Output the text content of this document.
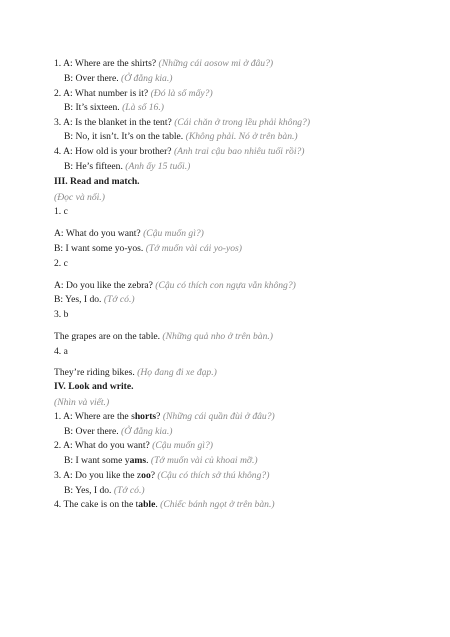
1. A: Where are the shirts? (Những cái aosow mi ở đâu?)
B: Over there. (Ở đằng kia.)
2. A: What number is it? (Đó là số mấy?)
B: It’s sixteen. (Là số 16.)
3. A: Is the blanket in the tent? (Cái chăn ở trong lều phải không?)
B: No, it isn’t. It’s on the table. (Không phải. Nó ở trên bàn.)
4. A: How old is your brother? (Anh trai cậu bao nhiêu tuổi rồi?)
B: He’s fifteen. (Anh ấy 15 tuổi.)
III. Read and match.
(Đọc và nối.)
1. c
A: What do you want? (Cậu muốn gì?)
B: I want some yo-yos. (Tớ muốn vài cái yo-yos)
2. c
A: Do you like the zebra? (Cậu có thích con ngựa vằn không?)
B: Yes, I do. (Tớ có.)
3. b
The grapes are on the table. (Những quả nho ở trên bàn.)
4. a
They’re riding bikes. (Họ đang đi xe đạp.)
IV. Look and write.
(Nhìn và viết.)
1. A: Where are the shorts? (Những cái quần đùi ở đâu?)
B: Over there. (Ở đằng kia.)
2. A: What do you want? (Cậu muốn gì?)
B: I want some yams. (Tớ muốn vài củ khoai mỡ.)
3. A: Do you like the zoo? (Cậu có thích sở thú không?)
B: Yes, I do. (Tớ có.)
4. The cake is on the table. (Chiếc bánh ngọt ở trên bàn.)
